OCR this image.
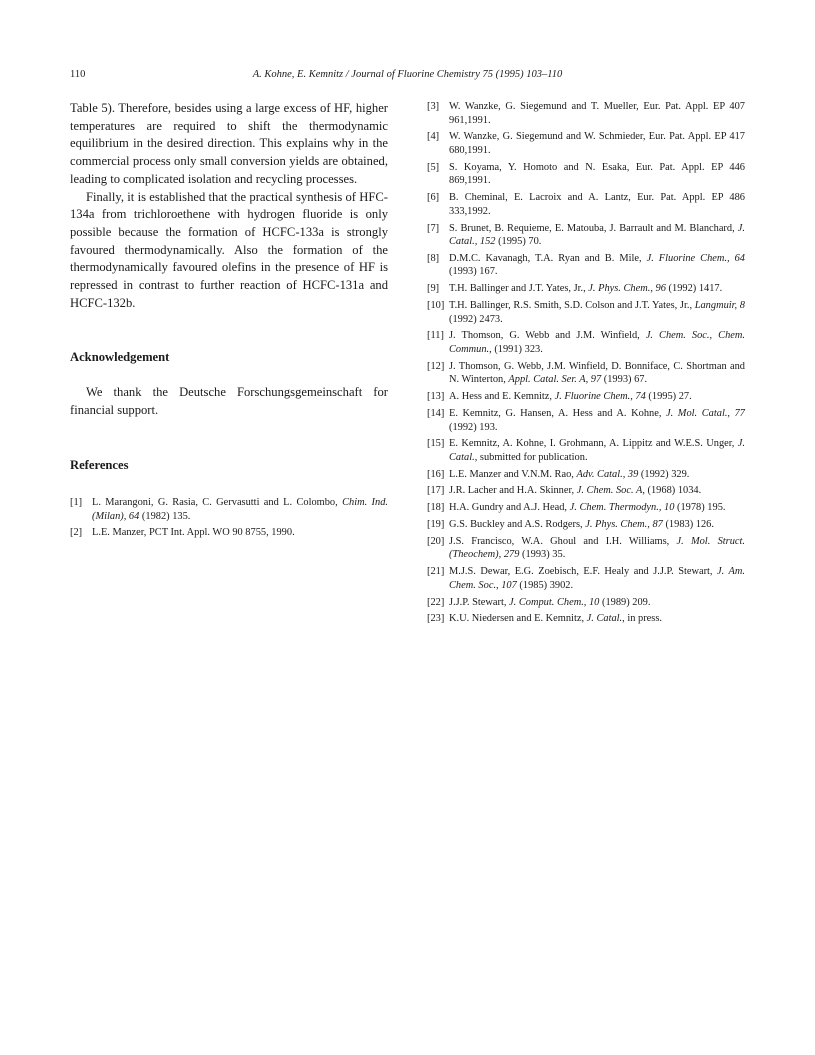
110	A. Kohne, E. Kemnitz / Journal of Fluorine Chemistry 75 (1995) 103–110

Table 5). Therefore, besides using a large excess of HF, higher temperatures are required to shift the thermodynamic equilibrium in the desired direction. This explains why in the commercial process only small conversion yields are obtained, leading to complicated isolation and recycling processes.

Finally, it is established that the practical synthesis of HFC-134a from trichloroethene with hydrogen fluoride is only possible because the formation of HCFC-133a is strongly favoured thermodynamically. Also the formation of the thermodynamically favoured olefins in the presence of HF is repressed in contrast to further reaction of HCFC-131a and HCFC-132b.

Acknowledgement

We thank the Deutsche Forschungsgemeinschaft for financial support.

References
[1] L. Marangoni, G. Rasia, C. Gervasutti and L. Colombo, Chim. Ind. (Milan), 64 (1982) 135.
[2] L.E. Manzer, PCT Int. Appl. WO 90 8755, 1990.
[3] W. Wanzke, G. Siegemund and T. Mueller, Eur. Pat. Appl. EP 407 961,1991.
[4] W. Wanzke, G. Siegemund and W. Schmieder, Eur. Pat. Appl. EP 417 680,1991.
[5] S. Koyama, Y. Homoto and N. Esaka, Eur. Pat. Appl. EP 446 869,1991.
[6] B. Cheminal, E. Lacroix and A. Lantz, Eur. Pat. Appl. EP 486 333,1992.
[7] S. Brunet, B. Requieme, E. Matouba, J. Barrault and M. Blanchard, J. Catal., 152 (1995) 70.
[8] D.M.C. Kavanagh, T.A. Ryan and B. Mile, J. Fluorine Chem., 64 (1993) 167.
[9] T.H. Ballinger and J.T. Yates, Jr., J. Phys. Chem., 96 (1992) 1417.
[10] T.H. Ballinger, R.S. Smith, S.D. Colson and J.T. Yates, Jr., Langmuir, 8 (1992) 2473.
[11] J. Thomson, G. Webb and J.M. Winfield, J. Chem. Soc., Chem. Commun., (1991) 323.
[12] J. Thomson, G. Webb, J.M. Winfield, D. Bonniface, C. Shortman and N. Winterton, Appl. Catal. Ser. A, 97 (1993) 67.
[13] A. Hess and E. Kemnitz, J. Fluorine Chem., 74 (1995) 27.
[14] E. Kemnitz, G. Hansen, A. Hess and A. Kohne, J. Mol. Catal., 77 (1992) 193.
[15] E. Kemnitz, A. Kohne, I. Grohmann, A. Lippitz and W.E.S. Unger, J. Catal., submitted for publication.
[16] L.E. Manzer and V.N.M. Rao, Adv. Catal., 39 (1992) 329.
[17] J.R. Lacher and H.A. Skinner, J. Chem. Soc. A, (1968) 1034.
[18] H.A. Gundry and A.J. Head, J. Chem. Thermodyn., 10 (1978) 195.
[19] G.S. Buckley and A.S. Rodgers, J. Phys. Chem., 87 (1983) 126.
[20] J.S. Francisco, W.A. Ghoul and I.H. Williams, J. Mol. Struct. (Theochem), 279 (1993) 35.
[21] M.J.S. Dewar, E.G. Zoebisch, E.F. Healy and J.J.P. Stewart, J. Am. Chem. Soc., 107 (1985) 3902.
[22] J.J.P. Stewart, J. Comput. Chem., 10 (1989) 209.
[23] K.U. Niedersen and E. Kemnitz, J. Catal., in press.
